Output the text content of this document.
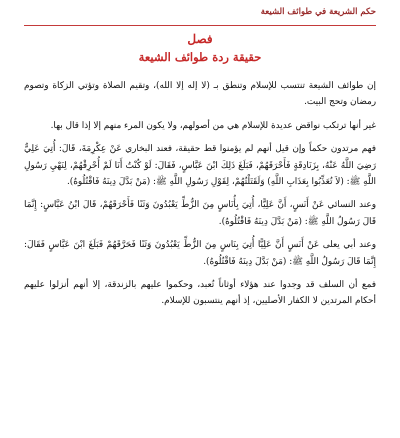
حكم الشريعة في طوائف الشيعة
فصل
حقيقة ردة طوائف الشيعة

إن طوائف الشيعة تنتسب للإسلام وتنطق بـ (لا إله إلا الله)، وتقيم الصلاة وتؤتي الزكاة وتصوم رمضان وتحج البيت.

غير أنها ترتكب نواقض عديدة للإسلام هي من أصولهم، ولا يكون المرء منهم إلا إذا قال بها.

فهم مرتدون حكماً وإن قيل أنهم لم يؤمنوا قط حقيقة، فعند البخاري عَنْ عِكْرِمَةَ، قَالَ: أُتِيَ عَلِيٌّ رَضِيَ اللَّهُ عَنْهُ، بِزَنَادِقَةٍ فَأَحْرَقَهُمْ، فَبَلَغَ ذَلِكَ ابْنَ عَبَّاسٍ، فَقَالَ: لَوْ كُنْتُ أَنَا لَمْ أُحْرِقْهُمْ، لِنَهْيِ رَسُولِ اللَّهِ ﷺ: (لاَ تُعَذِّبُوا بِعَذَابِ اللَّهِ) وَلَقَتَلْتُهُمْ، لِقَوْلِ رَسُولِ اللَّهِ ﷺ: (مَنْ بَدَّلَ دِينَهُ فَاقْتُلُوهُ).

وعند النسائي عَنْ أَنَسٍ، أَنَّ عَلِيًّا، أُتِيَ بِأُنَاسٍ مِنَ الزُّطِّ يَعْبُدُونَ وَثَنًا فَأَحْرَقَهُمْ، قَالَ ابْنُ عَبَّاسٍ: إِنَّمَا قَالَ رَسُولُ اللَّهِ ﷺ: (مَنْ بَدَّلَ دِينَهُ فَاقْتُلُوهُ).

وعند أبي يعلى عَنْ أَنَسٍ أَنَّ عَلِيًّا أُتِيَ بِنَاسٍ مِنَ الزُّطِّ يَعْبُدُونَ وَثَنًا فَحَرَّقَهُمْ فَبَلَغَ ابْنَ عَبَّاسٍ فَقَالَ: إِنَّمَا قَالَ رَسُولُ اللَّهِ ﷺ: (مَنْ بَدَّلَ دِينَهُ فَاقْتُلُوهُ).

فمع أن السلف قد وجدوا عند هؤلاء أوثاناً تُعبد، وحكموا عليهم بالزندقة، إلا أنهم أنزلوا عليهم أحكام المرتدين لا الكفار الأصليين، إذ أنهم ينتسبون للإسلام.
